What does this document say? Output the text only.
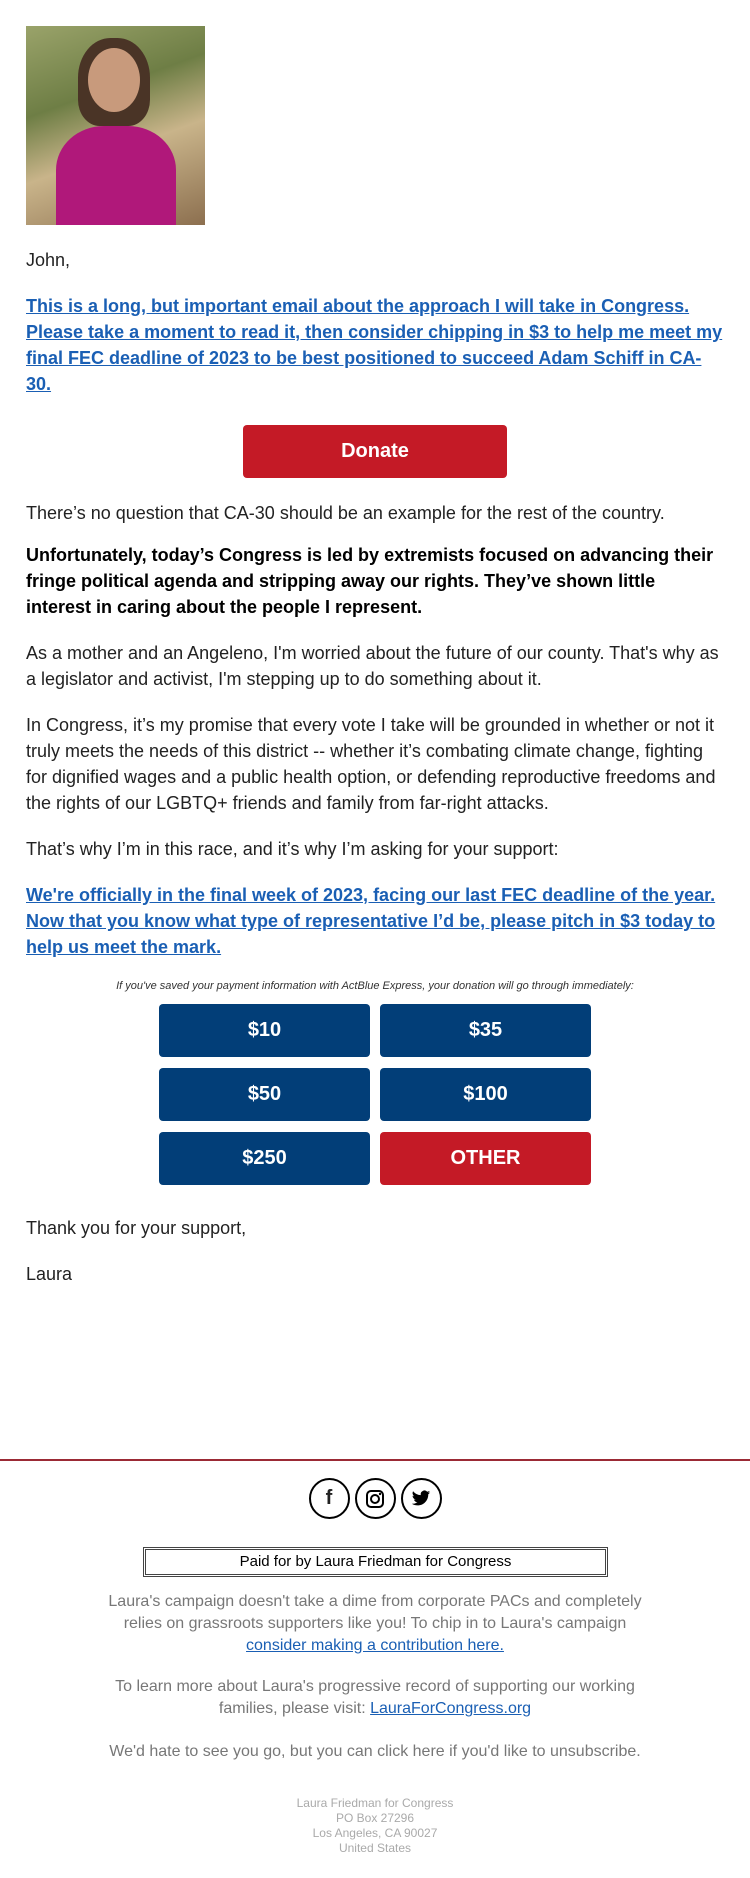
John,

This is a long, but important email about the approach I will take in Congress. Please take a moment to read it, then consider chipping in $3 to help me meet my final FEC deadline of 2023 to be best positioned to succeed Adam Schiff in CA-30.

Donate

There’s no question that CA-30 should be an example for the rest of the country.

Unfortunately, today’s Congress is led by extremists focused on advancing their fringe political agenda and stripping away our rights. They’ve shown little interest in caring about the people I represent.

As a mother and an Angeleno, I'm worried about the future of our county. That's why as a legislator and activist, I'm stepping up to do something about it.

In Congress, it’s my promise that every vote I take will be grounded in whether or not it truly meets the needs of this district -- whether it’s combating climate change, fighting for dignified wages and a public health option, or defending reproductive freedoms and the rights of our LGBTQ+ friends and family from far-right attacks.

That’s why I’m in this race, and it’s why I’m asking for your support:

We're officially in the final week of 2023, facing our last FEC deadline of the year. Now that you know what type of representative I’d be, please pitch in $3 today to help us meet the mark.

If you've saved your payment information with ActBlue Express, your donation will go through immediately:
$10	$35
$50	$100
$250	OTHER

Thank you for your support,

Laura

f
Paid for by Laura Friedman for Congress
Laura's campaign doesn't take a dime from corporate PACs and completely relies on grassroots supporters like you! To chip in to Laura's campaign
consider making a contribution here.
To learn more about Laura's progressive record of supporting our working families, please visit: LauraForCongress.org
We'd hate to see you go, but you can click here if you'd like to unsubscribe.
Laura Friedman for Congress
PO Box 27296
Los Angeles, CA 90027
United States
